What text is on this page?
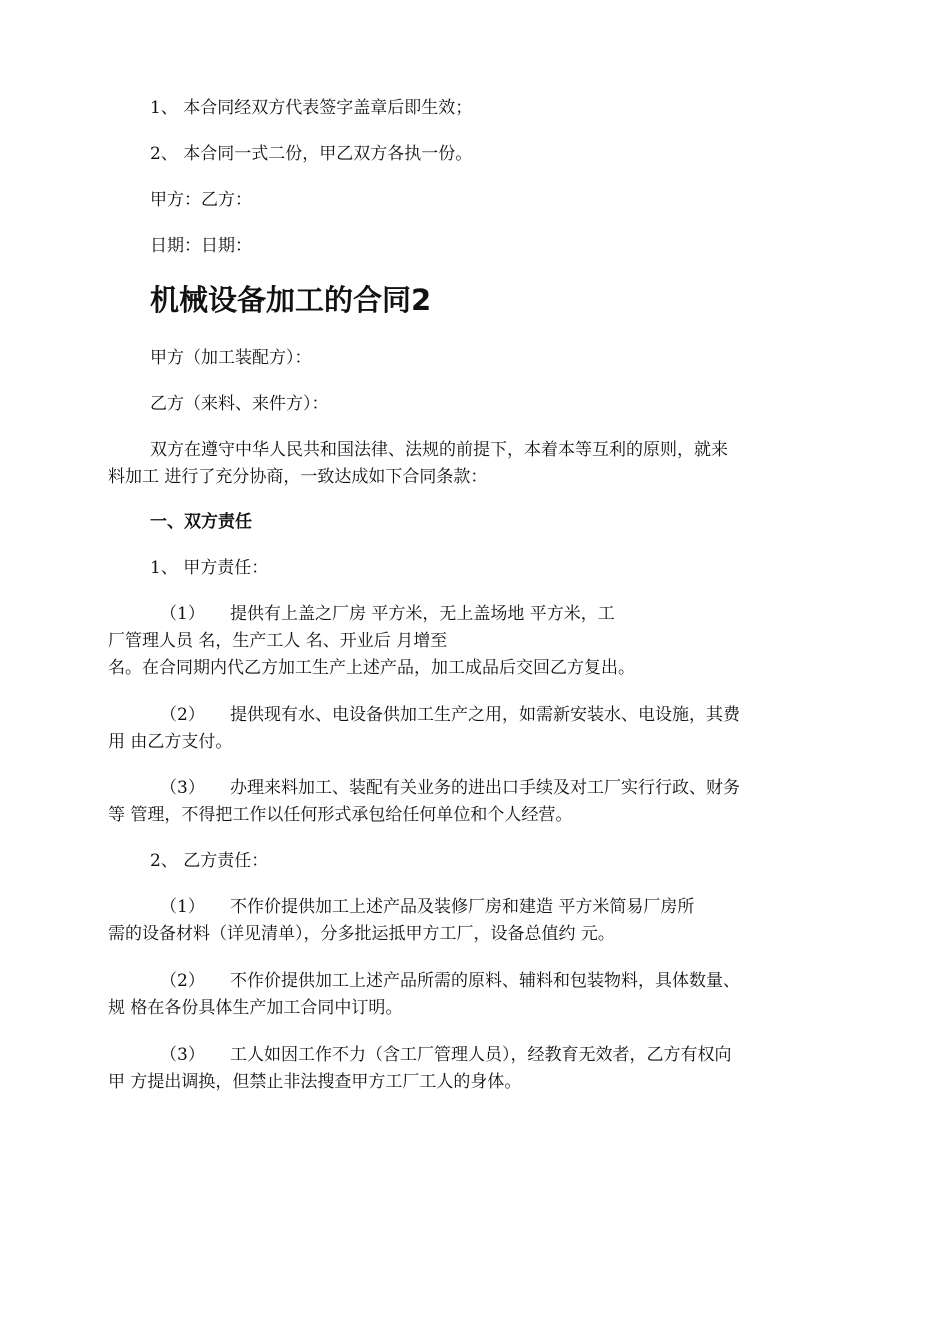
1、 本合同经双方代表签字盖章后即生效；
2、 本合同一式二份，甲乙双方各执一份。
甲方：乙方：
日期：日期：
机械设备加工的合同2
甲方（加工装配方）：
乙方（来料、来件方）：
双方在遵守中华人民共和国法律、法规的前提下，本着本等互利的原则，就来
料加工 进行了充分协商，一致达成如下合同条款：
一、双方责任
1、 甲方责任：
（1） 提供有上盖之厂房 平方米，无上盖场地 平方米，工
厂管理人员 名，生产工人 名、开业后 月增至
名。在合同期内代乙方加工生产上述产品，加工成品后交回乙方复出。
（2） 提供现有水、电设备供加工生产之用，如需新安装水、电设施，其费
用 由乙方支付。
（3） 办理来料加工、装配有关业务的进出口手续及对工厂实行行政、财务
等 管理，不得把工作以任何形式承包给任何单位和个人经营。
2、 乙方责任：
（1） 不作价提供加工上述产品及装修厂房和建造 平方米简易厂房所
需的设备材料（详见清单），分多批运抵甲方工厂，设备总值约 元。
（2） 不作价提供加工上述产品所需的原料、辅料和包装物料，具体数量、
规 格在各份具体生产加工合同中订明。
（3） 工人如因工作不力（含工厂管理人员），经教育无效者，乙方有权向
甲 方提出调换，但禁止非法搜查甲方工厂工人的身体。
